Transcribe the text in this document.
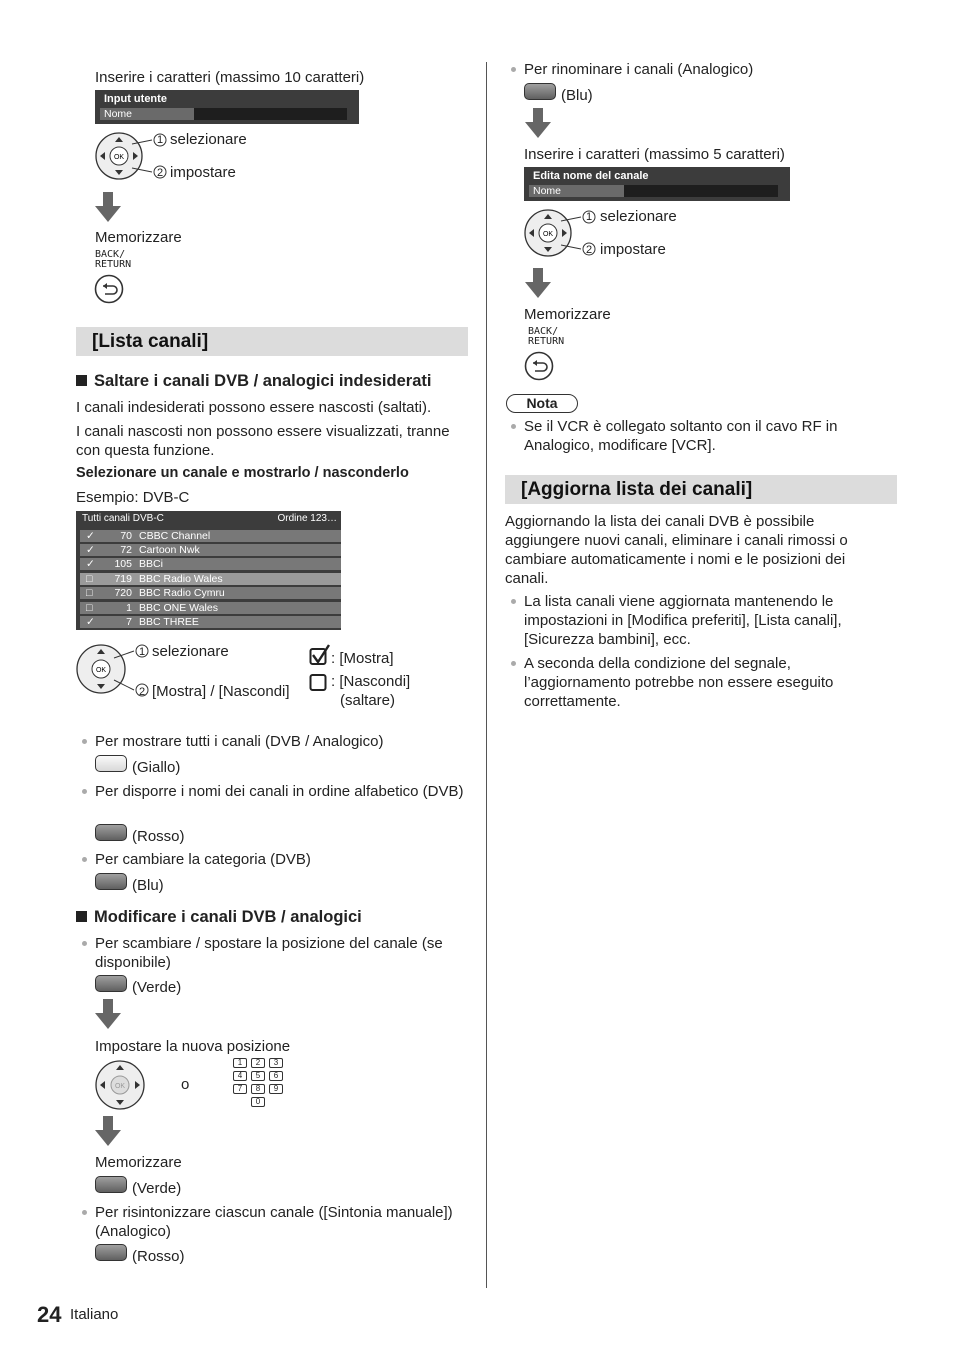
Inserire i caratteri (massimo 10 caratteri)
Input utente
Nome
OK
1 selezionare
2 impostare
Memorizzare
BACK/
RETURN
[Lista canali]
Saltare i canali DVB / analogici indesiderati
I canali indesiderati possono essere nascosti (saltati).
I canali nascosti non possono essere visualizzati, tranne con questa funzione.
Selezionare un canale e mostrarlo / nasconderlo
Esempio: DVB-C
Tutti canali DVB-C	Ordine 123…
✓	70 CBBC Channel
✓	72 Cartoon Nwk
✓	105 BBCi
□	719 BBC Radio Wales
□	720 BBC Radio Cymru
□	1 BBC ONE Wales
✓	7 BBC THREE
OK
1 selezionare
2 [Mostra] / [Nascondi]
: [Mostra]
: [Nascondi]
(saltare)
Per mostrare tutti i canali (DVB / Analogico)
(Giallo)
Per disporre i nomi dei canali in ordine alfabetico (DVB)
(Rosso)
Per cambiare la categoria (DVB)
(Blu)
Modificare i canali DVB / analogici
Per scambiare / spostare la posizione del canale (se disponibile)
(Verde)
Impostare la nuova posizione
OK	o
1	2	3
4	5	6
7	8	9
0
Memorizzare
(Verde)
Per risintonizzare ciascun canale ([Sintonia manuale]) (Analogico)
(Rosso)
Per rinominare i canali (Analogico)
(Blu)
Inserire i caratteri (massimo 5 caratteri)
Edita nome del canale
Nome
OK
1 selezionare
2 impostare
Memorizzare
BACK/
RETURN
Nota
Se il VCR è collegato soltanto con il cavo RF in Analogico, modificare [VCR].
[Aggiorna lista dei canali]
Aggiornando la lista dei canali DVB è possibile aggiungere nuovi canali, eliminare i canali rimossi o cambiare automaticamente i nomi e le posizioni dei canali.
La lista canali viene aggiornata mantenendo le impostazioni in [Modifica preferiti], [Lista canali], [Sicurezza bambini], ecc.
A seconda della condizione del segnale, l’aggiornamento potrebbe non essere eseguito correttamente.
24 Italiano
